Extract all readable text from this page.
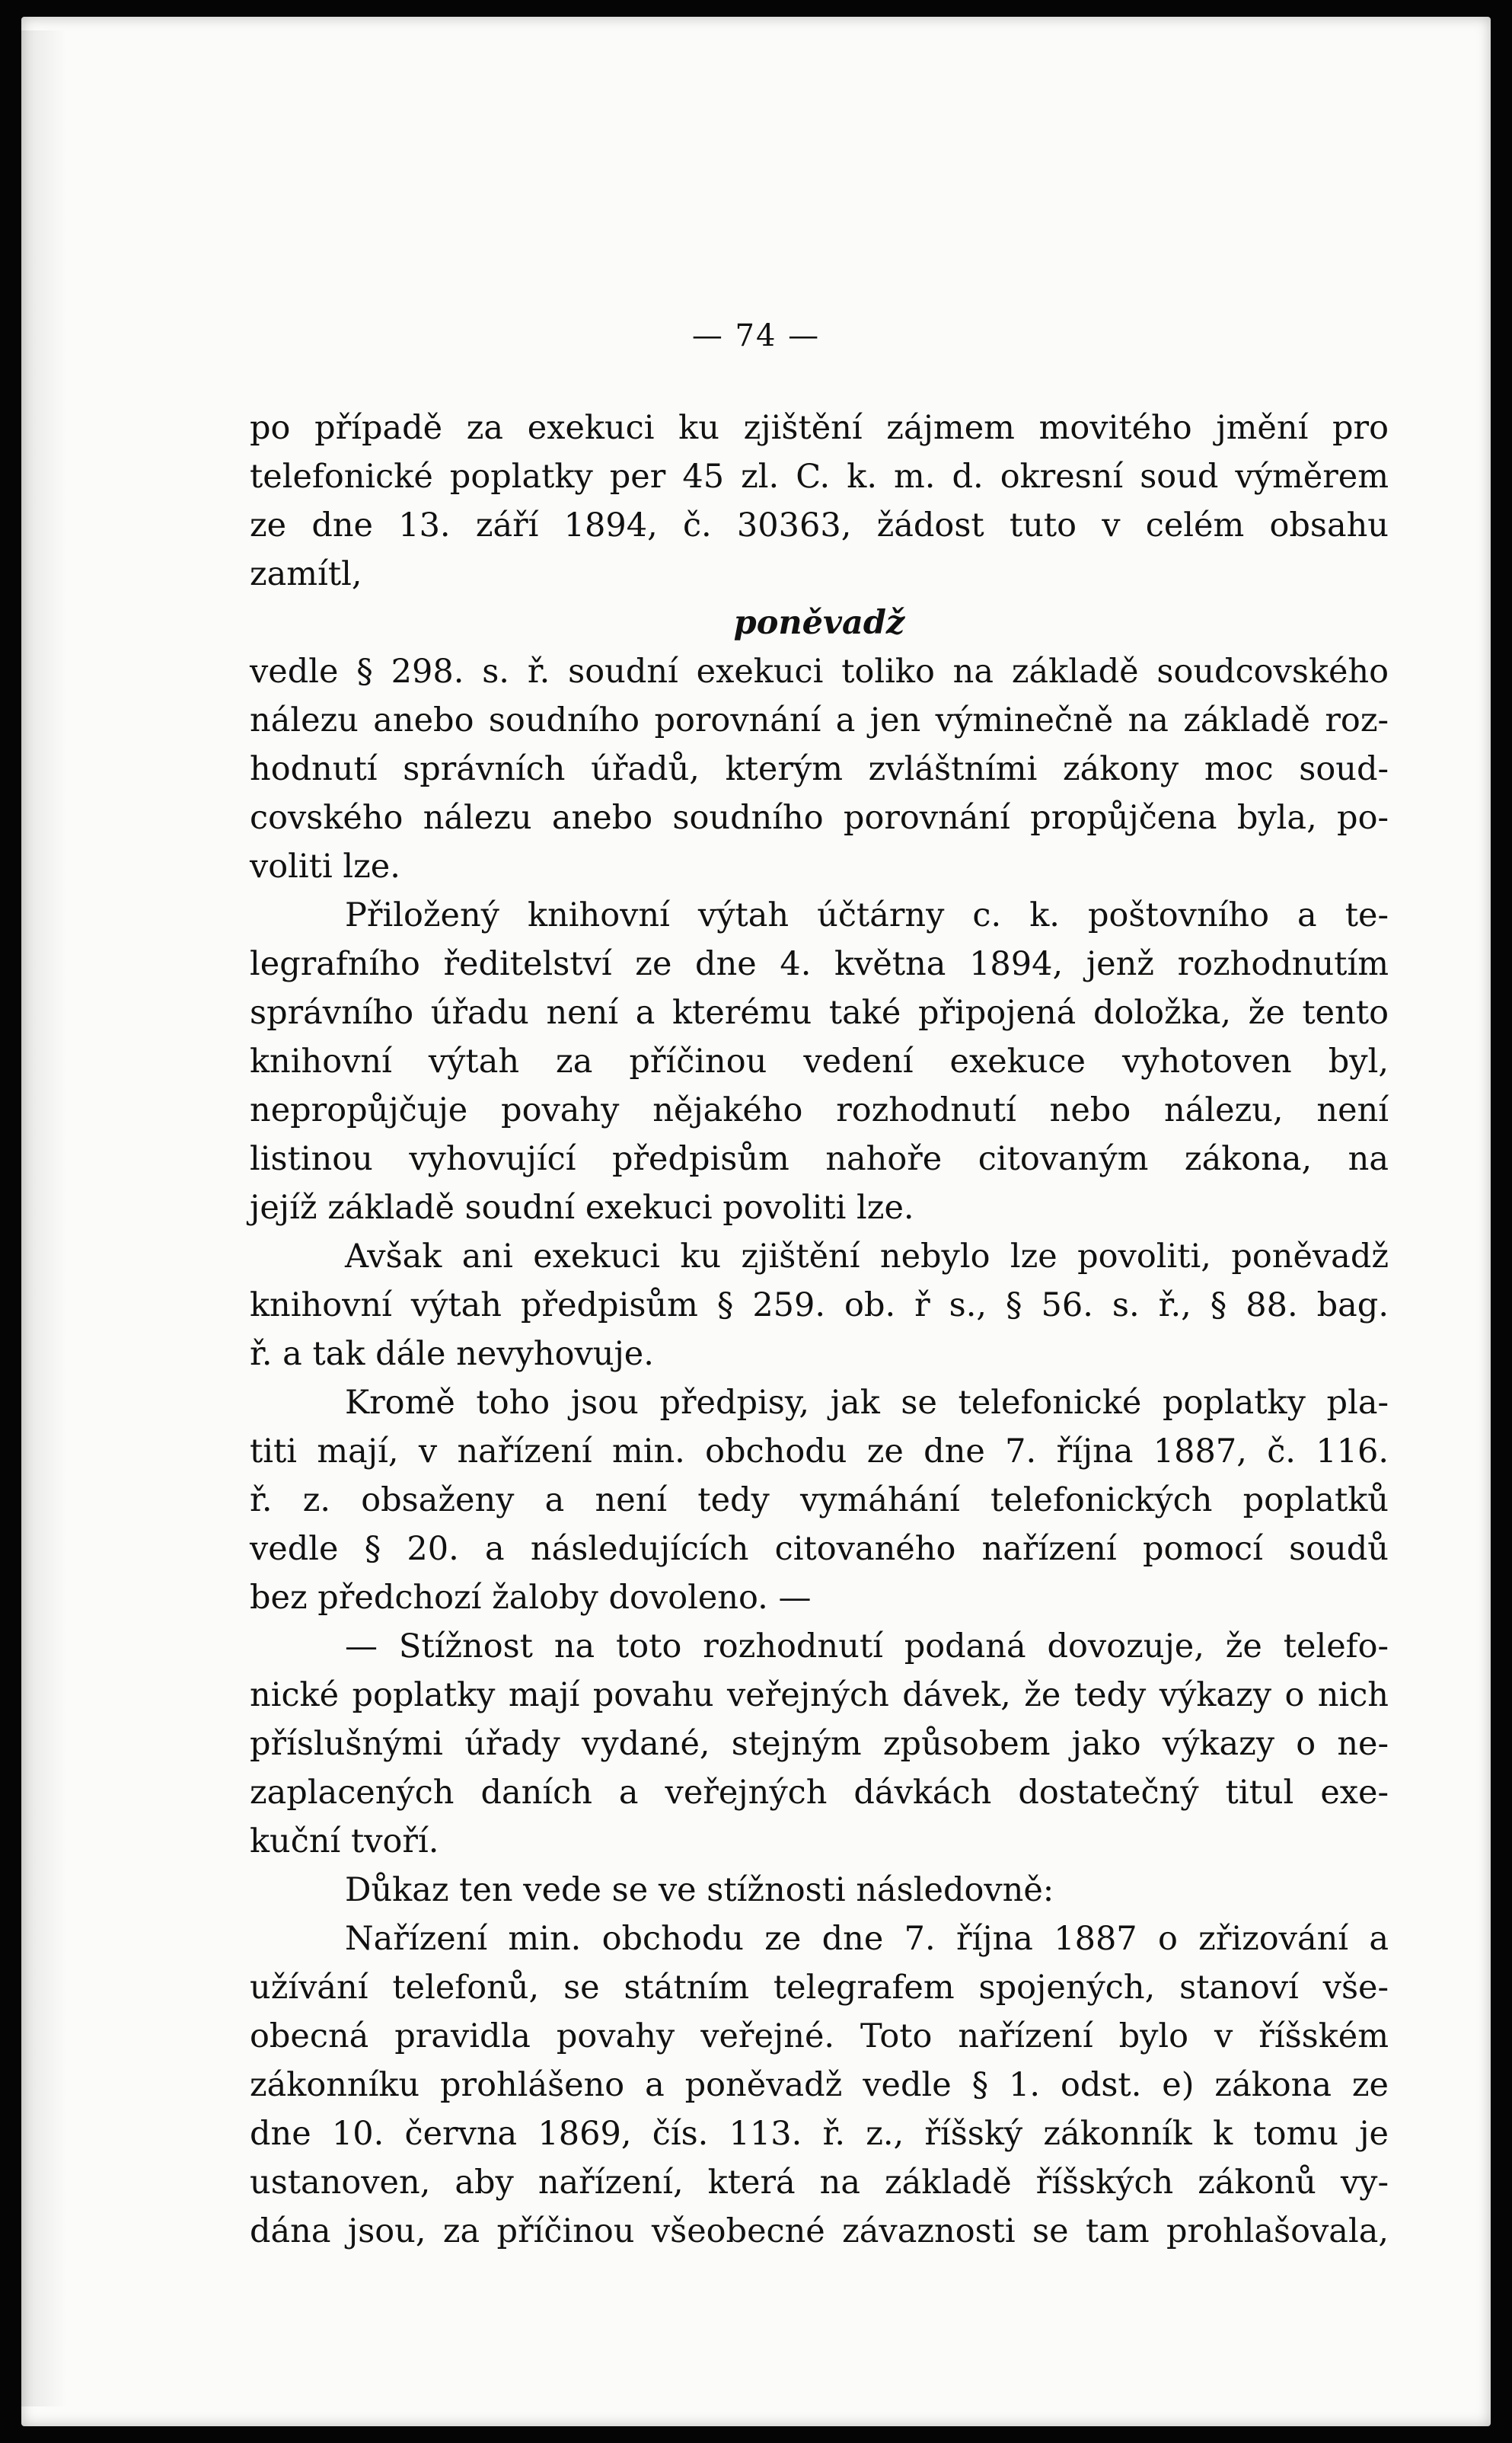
— 74 —
po případě za exekuci ku zjištění zájmem movitého jmění pro
telefonické poplatky per 45 zl. C. k. m. d. okresní soud výměrem
ze dne 13. září 1894, č. 30363, žádost tuto v celém obsahu
zamítl,
poněvadž
vedle § 298. s. ř. soudní exekuci toliko na základě soudcovského
nálezu anebo soudního porovnání a jen výminečně na základě roz-
hodnutí správních úřadů, kterým zvláštními zákony moc soud-
covského nálezu anebo soudního porovnání propůjčena byla, po-
voliti lze.
Přiložený knihovní výtah účtárny c. k. poštovního a te-
legrafního ředitelství ze dne 4. května 1894, jenž rozhodnutím
správního úřadu není a kterému také připojená doložka, že tento
knihovní výtah za příčinou vedení exekuce vyhotoven byl,
nepropůjčuje povahy nějakého rozhodnutí nebo nálezu, není
listinou vyhovující předpisům nahoře citovaným zákona, na
jejíž základě soudní exekuci povoliti lze.
Avšak ani exekuci ku zjištění nebylo lze povoliti, poněvadž
knihovní výtah předpisům § 259. ob. ř s., § 56. s. ř., § 88. bag.
ř. a tak dále nevyhovuje.
Kromě toho jsou předpisy, jak se telefonické poplatky pla-
titi mají, v nařízení min. obchodu ze dne 7. října 1887, č. 116.
ř. z. obsaženy a není tedy vymáhání telefonických poplatků
vedle § 20. a následujících citovaného nařízení pomocí soudů
bez předchozí žaloby dovoleno. —
— Stížnost na toto rozhodnutí podaná dovozuje, že telefo-
nické poplatky mají povahu veřejných dávek, že tedy výkazy o nich
příslušnými úřady vydané, stejným způsobem jako výkazy o ne-
zaplacených daních a veřejných dávkách dostatečný titul exe-
kuční tvoří.
Důkaz ten vede se ve stížnosti následovně:
Nařízení min. obchodu ze dne 7. října 1887 o zřizování a
užívání telefonů, se státním telegrafem spojených, stanoví vše-
obecná pravidla povahy veřejné. Toto nařízení bylo v říšském
zákonníku prohlášeno a poněvadž vedle § 1. odst. e) zákona ze
dne 10. června 1869, čís. 113. ř. z., říšský zákonník k tomu je
ustanoven, aby nařízení, která na základě říšských zákonů vy-
dána jsou, za příčinou všeobecné závaznosti se tam prohlašovala,
